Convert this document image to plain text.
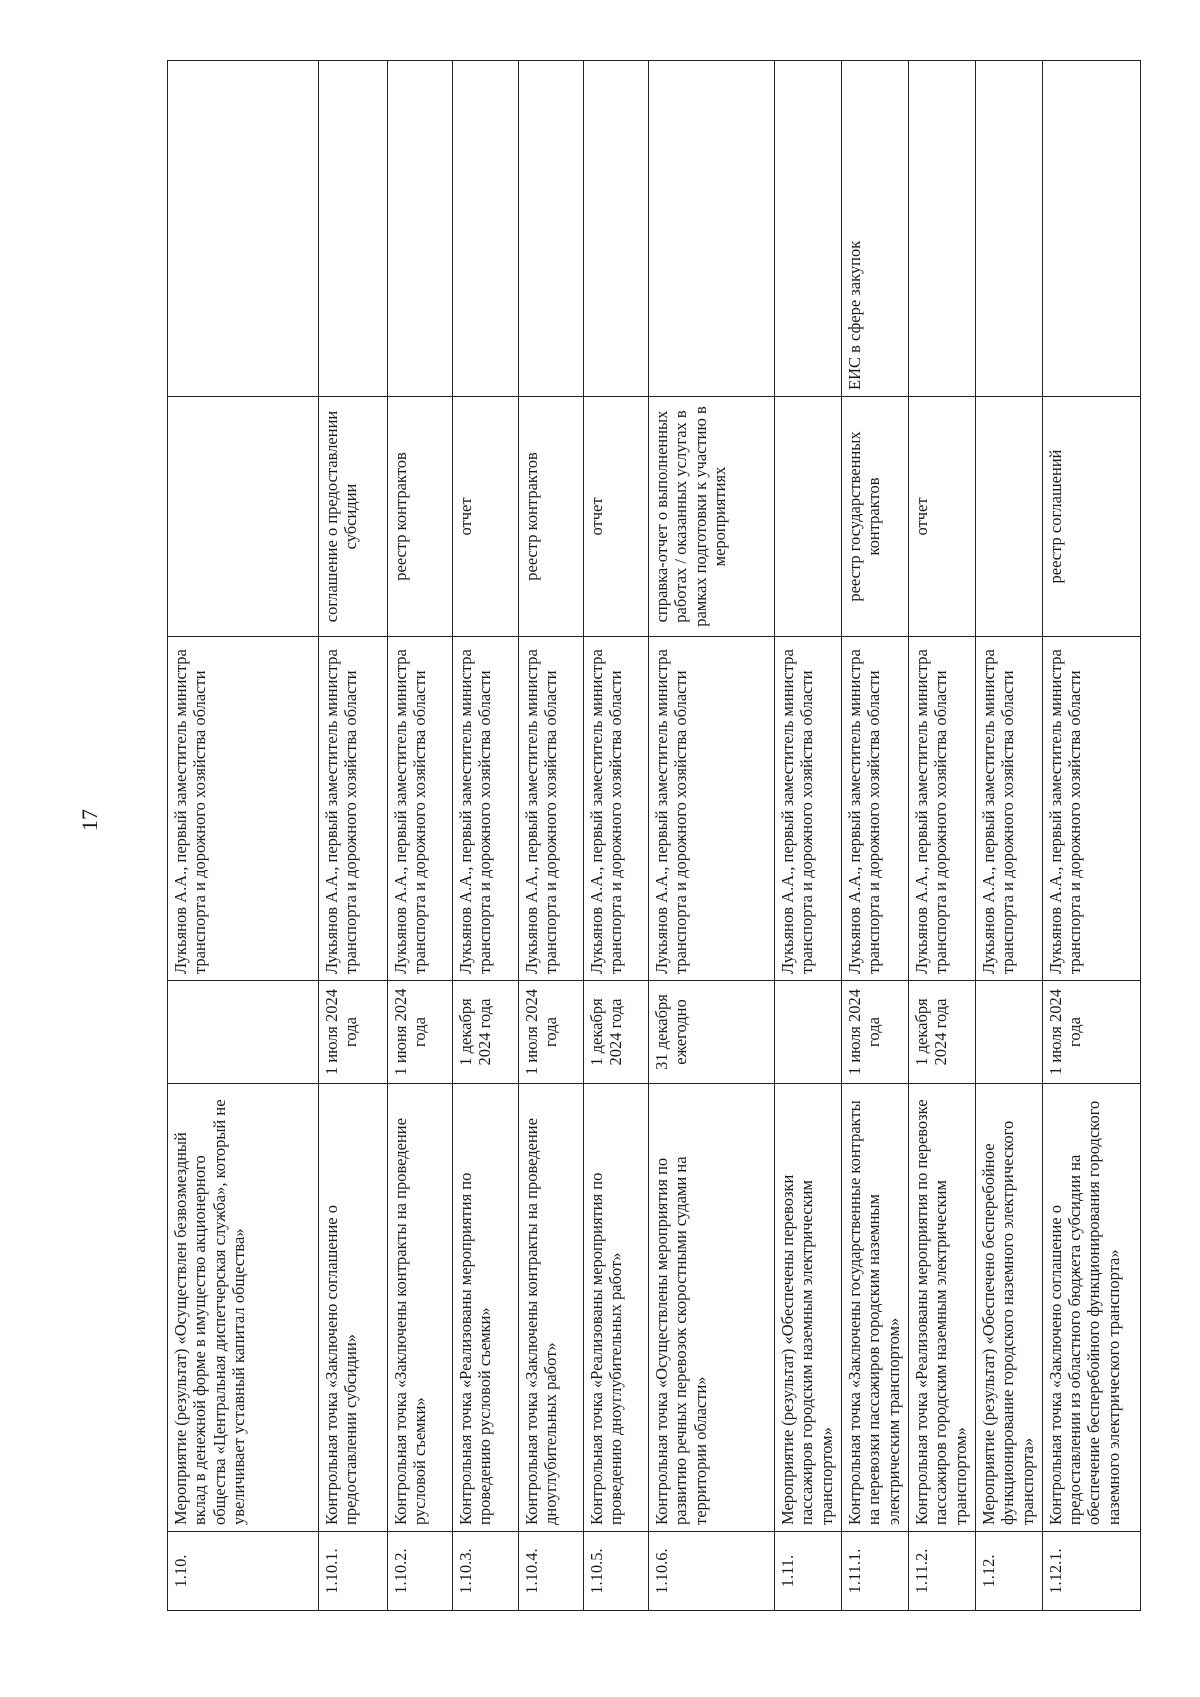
17
1.10.	Мероприятие (результат) «Осуществлен безвозмездный вклад в денежной форме в имущество акционерного общества «Центральная диспетчерская служба», который не увеличивает уставный капитал общества»		Лукьянов А.А., первый заместитель министра транспорта и дорожного хозяйства области		
1.10.1.	Контрольная точка «Заключено соглашение о предоставлении субсидии»	1 июля 2024 года	Лукьянов А.А., первый заместитель министра транспорта и дорожного хозяйства области	соглашение о предоставлении субсидии	
1.10.2.	Контрольная точка «Заключены контракты на проведение русловой съемки»	1 июня 2024 года	Лукьянов А.А., первый заместитель министра транспорта и дорожного хозяйства области	реестр контрактов	
1.10.3.	Контрольная точка «Реализованы мероприятия по проведению русловой съемки»	1 декабря 2024 года	Лукьянов А.А., первый заместитель министра транспорта и дорожного хозяйства области	отчет	
1.10.4.	Контрольная точка «Заключены контракты на проведение дноуглубительных работ»	1 июля 2024 года	Лукьянов А.А., первый заместитель министра транспорта и дорожного хозяйства области	реестр контрактов	
1.10.5.	Контрольная точка «Реализованы мероприятия по проведению дноуглубительных работ»	1 декабря 2024 года	Лукьянов А.А., первый заместитель министра транспорта и дорожного хозяйства области	отчет	
1.10.6.	Контрольная точка «Осуществлены мероприятия по развитию речных перевозок скоростными судами на территории области»	31 декабря ежегодно	Лукьянов А.А., первый заместитель министра транспорта и дорожного хозяйства области	справка-отчет о выполненных работах / оказанных услугах в рамках подготовки к участию в мероприятиях	
1.11.	Мероприятие (результат) «Обеспечены перевозки пассажиров городским наземным электрическим транспортом»		Лукьянов А.А., первый заместитель министра транспорта и дорожного хозяйства области		
1.11.1.	Контрольная точка «Заключены государственные контракты на перевозки пассажиров городским наземным электрическим транспортом»	1 июля 2024 года	Лукьянов А.А., первый заместитель министра транспорта и дорожного хозяйства области	реестр государственных контрактов	ЕИС в сфере закупок
1.11.2.	Контрольная точка «Реализованы мероприятия по перевозке пассажиров городским наземным электрическим транспортом»	1 декабря 2024 года	Лукьянов А.А., первый заместитель министра транспорта и дорожного хозяйства области	отчет	
1.12.	Мероприятие (результат) «Обеспечено бесперебойное функционирование городского наземного электрического транспорта»		Лукьянов А.А., первый заместитель министра транспорта и дорожного хозяйства области		
1.12.1.	Контрольная точка «Заключено соглашение о предоставлении из областного бюджета субсидии на обеспечение бесперебойного функционирования городского наземного электрического транспорта»	1 июля 2024 года	Лукьянов А.А., первый заместитель министра транспорта и дорожного хозяйства области	реестр соглашений	
